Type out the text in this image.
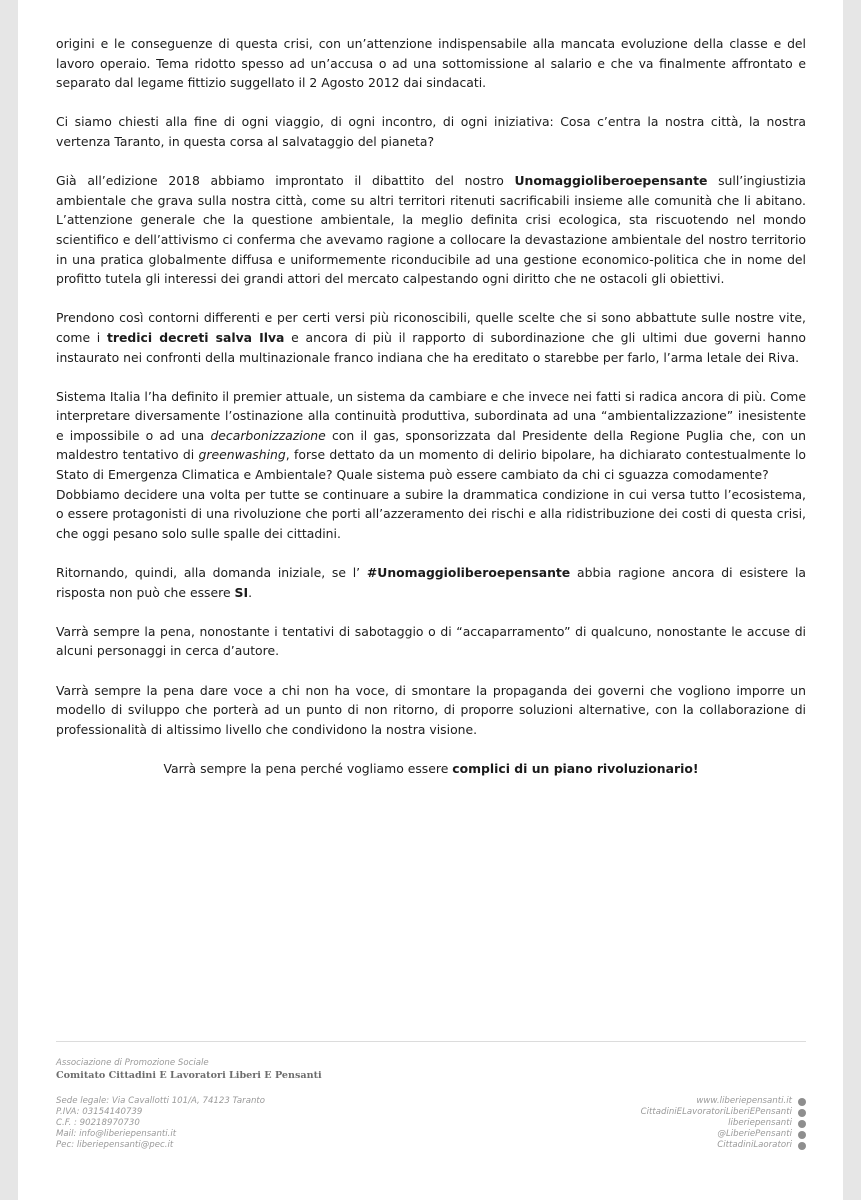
origini e le conseguenze di questa crisi, con un’attenzione indispensabile alla mancata evoluzione della classe e del lavoro operaio. Tema ridotto spesso ad un’accusa o ad una sottomissione al salario e che va finalmente affrontato e separato dal legame fittizio suggellato il 2 Agosto 2012 dai sindacati.

Ci siamo chiesti alla fine di ogni viaggio, di ogni incontro, di ogni iniziativa: Cosa c’entra la nostra città, la nostra vertenza Taranto, in questa corsa al salvataggio del pianeta?

Già all’edizione 2018 abbiamo improntato il dibattito del nostro Unomaggioliberoepensante sull’ingiustizia ambientale che grava sulla nostra città, come su altri territori ritenuti sacrificabili insieme alle comunità che li abitano. L’attenzione generale che la questione ambientale, la meglio definita crisi ecologica, sta riscuotendo nel mondo scientifico e dell’attivismo ci conferma che avevamo ragione a collocare la devastazione ambientale del nostro territorio in una pratica globalmente diffusa e uniformemente riconducibile ad una gestione economico-politica che in nome del profitto tutela gli interessi dei grandi attori del mercato calpestando ogni diritto che ne ostacoli gli obiettivi.

Prendono così contorni differenti e per certi versi più riconoscibili, quelle scelte che si sono abbattute sulle nostre vite, come i tredici decreti salva Ilva e ancora di più il rapporto di subordinazione che gli ultimi due governi hanno instaurato nei confronti della multinazionale franco indiana che ha ereditato o starebbe per farlo, l’arma letale dei Riva.

Sistema Italia l’ha definito il premier attuale, un sistema da cambiare e che invece nei fatti si radica ancora di più. Come interpretare diversamente l’ostinazione alla continuità produttiva, subordinata ad una “ambientalizzazione” inesistente e impossibile o ad una decarbonizzazione con il gas, sponsorizzata dal Presidente della Regione Puglia che, con un maldestro tentativo di greenwashing, forse dettato da un momento di delirio bipolare, ha dichiarato contestualmente lo Stato di Emergenza Climatica e Ambientale? Quale sistema può essere cambiato da chi ci sguazza comodamente?

Dobbiamo decidere una volta per tutte se continuare a subire la drammatica condizione in cui versa tutto l’ecosistema, o essere protagonisti di una rivoluzione che porti all’azzeramento dei rischi e alla ridistribuzione dei costi di questa crisi, che oggi pesano solo sulle spalle dei cittadini.

Ritornando, quindi, alla domanda iniziale, se l’ #Unomaggioliberoepensante abbia ragione ancora di esistere la risposta non può che essere SI.

Varrà sempre la pena, nonostante i tentativi di sabotaggio o di “accaparramento” di qualcuno, nonostante le accuse di alcuni personaggi in cerca d’autore.

Varrà sempre la pena dare voce a chi non ha voce, di smontare la propaganda dei governi che vogliono imporre un modello di sviluppo che porterà ad un punto di non ritorno, di proporre soluzioni alternative, con la collaborazione di professionalità di altissimo livello che condividono la nostra visione.

Varrà sempre la pena perché vogliamo essere complici di un piano rivoluzionario!

Associazione di Promozione Sociale
Comitato Cittadini E Lavoratori Liberi E Pensanti
Sede legale: Via Cavallotti 101/A, 74123 Taranto
P.IVA: 03154140739
C.F. : 90218970730
Mail: info@liberiepensanti.it
Pec: liberiepensanti@pec.it
www.liberiepensanti.it
CittadiniELavoratoriLiberiEPensanti
liberiepensanti
@LiberiePensanti
CittadiniLaoratori
